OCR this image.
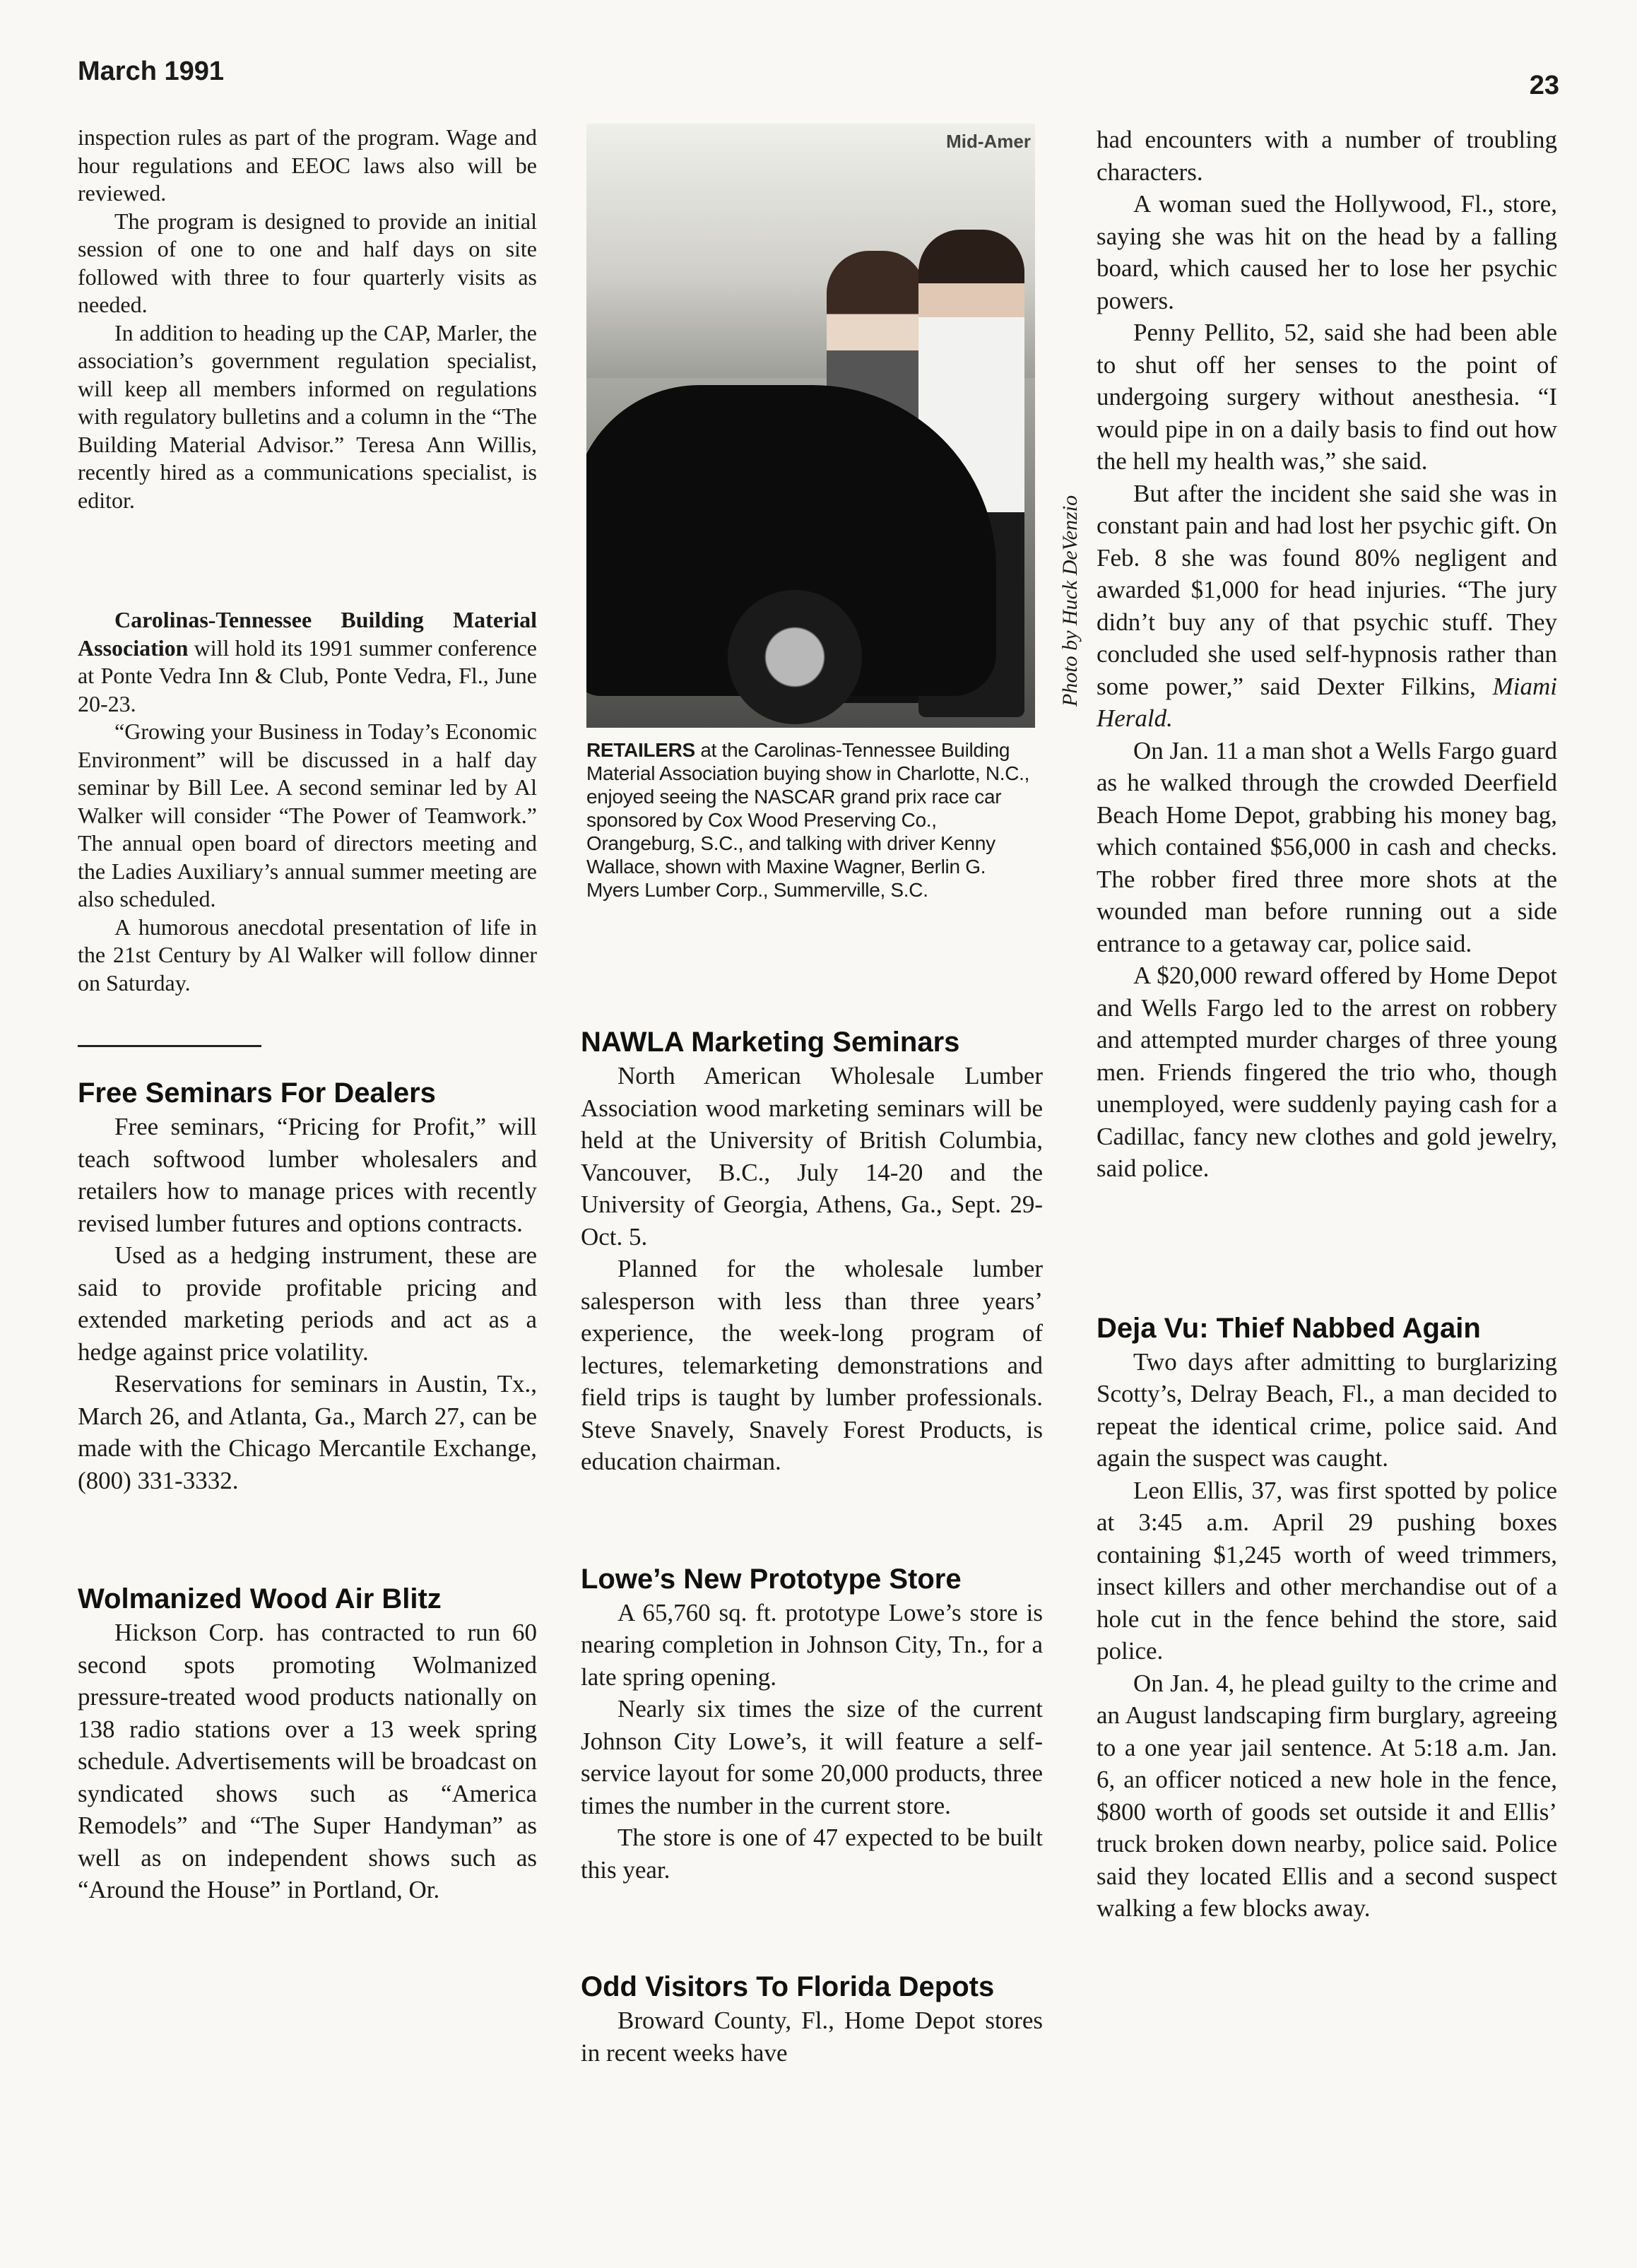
March 1991	23

inspection rules as part of the program. Wage and hour regulations and EEOC laws also will be reviewed.

The program is designed to provide an initial session of one to one and half days on site followed with three to four quarterly visits as needed.

In addition to heading up the CAP, Marler, the association’s government regulation specialist, will keep all members informed on regulations with regulatory bulletins and a column in the “The Building Material Advisor.” Teresa Ann Willis, recently hired as a communications specialist, is editor.

Carolinas-Tennessee Building Material Association will hold its 1991 summer conference at Ponte Vedra Inn & Club, Ponte Vedra, Fl., June 20-23.

“Growing your Business in Today’s Economic Environment” will be discussed in a half day seminar by Bill Lee. A second seminar led by Al Walker will consider “The Power of Teamwork.” The annual open board of directors meeting and the Ladies Auxiliary’s annual summer meeting are also scheduled.

A humorous anecdotal presentation of life in the 21st Century by Al Walker will follow dinner on Saturday.

Free Seminars For Dealers

Free seminars, “Pricing for Profit,” will teach softwood lumber wholesalers and retailers how to manage prices with recently revised lumber futures and options contracts.

Used as a hedging instrument, these are said to provide profitable pricing and extended marketing periods and act as a hedge against price volatility.

Reservations for seminars in Austin, Tx., March 26, and Atlanta, Ga., March 27, can be made with the Chicago Mercantile Exchange, (800) 331-3332.

Wolmanized Wood Air Blitz

Hickson Corp. has contracted to run 60 second spots promoting Wolmanized pressure-treated wood products nationally on 138 radio stations over a 13 week spring schedule. Advertisements will be broadcast on syndicated shows such as “America Remodels” and “The Super Handyman” as well as on independent shows such as “Around the House” in Portland, Or.

Mid-Amer
Photo by Huck DeVenzio
RETAILERS at the Carolinas-Tennessee Building Material Association buying show in Charlotte, N.C., enjoyed seeing the NASCAR grand prix race car sponsored by Cox Wood Preserving Co., Orangeburg, S.C., and talking with driver Kenny Wallace, shown with Maxine Wagner, Berlin G. Myers Lumber Corp., Summerville, S.C.
NAWLA Marketing Seminars

North American Wholesale Lumber Association wood marketing seminars will be held at the University of British Columbia, Vancouver, B.C., July 14-20 and the University of Georgia, Athens, Ga., Sept. 29-Oct. 5.

Planned for the wholesale lumber salesperson with less than three years’ experience, the week-long program of lectures, telemarketing demonstrations and field trips is taught by lumber professionals. Steve Snavely, Snavely Forest Products, is education chairman.

Lowe’s New Prototype Store

A 65,760 sq. ft. prototype Lowe’s store is nearing completion in Johnson City, Tn., for a late spring opening.

Nearly six times the size of the current Johnson City Lowe’s, it will feature a self-service layout for some 20,000 products, three times the number in the current store.

The store is one of 47 expected to be built this year.

Odd Visitors To Florida Depots

Broward County, Fl., Home Depot stores in recent weeks have

had encounters with a number of troubling characters.

A woman sued the Hollywood, Fl., store, saying she was hit on the head by a falling board, which caused her to lose her psychic powers.

Penny Pellito, 52, said she had been able to shut off her senses to the point of undergoing surgery without anesthesia. “I would pipe in on a daily basis to find out how the hell my health was,” she said.

But after the incident she said she was in constant pain and had lost her psychic gift. On Feb. 8 she was found 80% negligent and awarded $1,000 for head injuries. “The jury didn’t buy any of that psychic stuff. They concluded she used self-hypnosis rather than some power,” said Dexter Filkins, Miami Herald.

On Jan. 11 a man shot a Wells Fargo guard as he walked through the crowded Deerfield Beach Home Depot, grabbing his money bag, which contained $56,000 in cash and checks. The robber fired three more shots at the wounded man before running out a side entrance to a getaway car, police said.

A $20,000 reward offered by Home Depot and Wells Fargo led to the arrest on robbery and attempted murder charges of three young men. Friends fingered the trio who, though unemployed, were suddenly paying cash for a Cadillac, fancy new clothes and gold jewelry, said police.

Deja Vu: Thief Nabbed Again

Two days after admitting to burglarizing Scotty’s, Delray Beach, Fl., a man decided to repeat the identical crime, police said. And again the suspect was caught.

Leon Ellis, 37, was first spotted by police at 3:45 a.m. April 29 pushing boxes containing $1,245 worth of weed trimmers, insect killers and other merchandise out of a hole cut in the fence behind the store, said police.

On Jan. 4, he plead guilty to the crime and an August landscaping firm burglary, agreeing to a one year jail sentence. At 5:18 a.m. Jan. 6, an officer noticed a new hole in the fence, $800 worth of goods set outside it and Ellis’ truck broken down nearby, police said. Police said they located Ellis and a second suspect walking a few blocks away.
